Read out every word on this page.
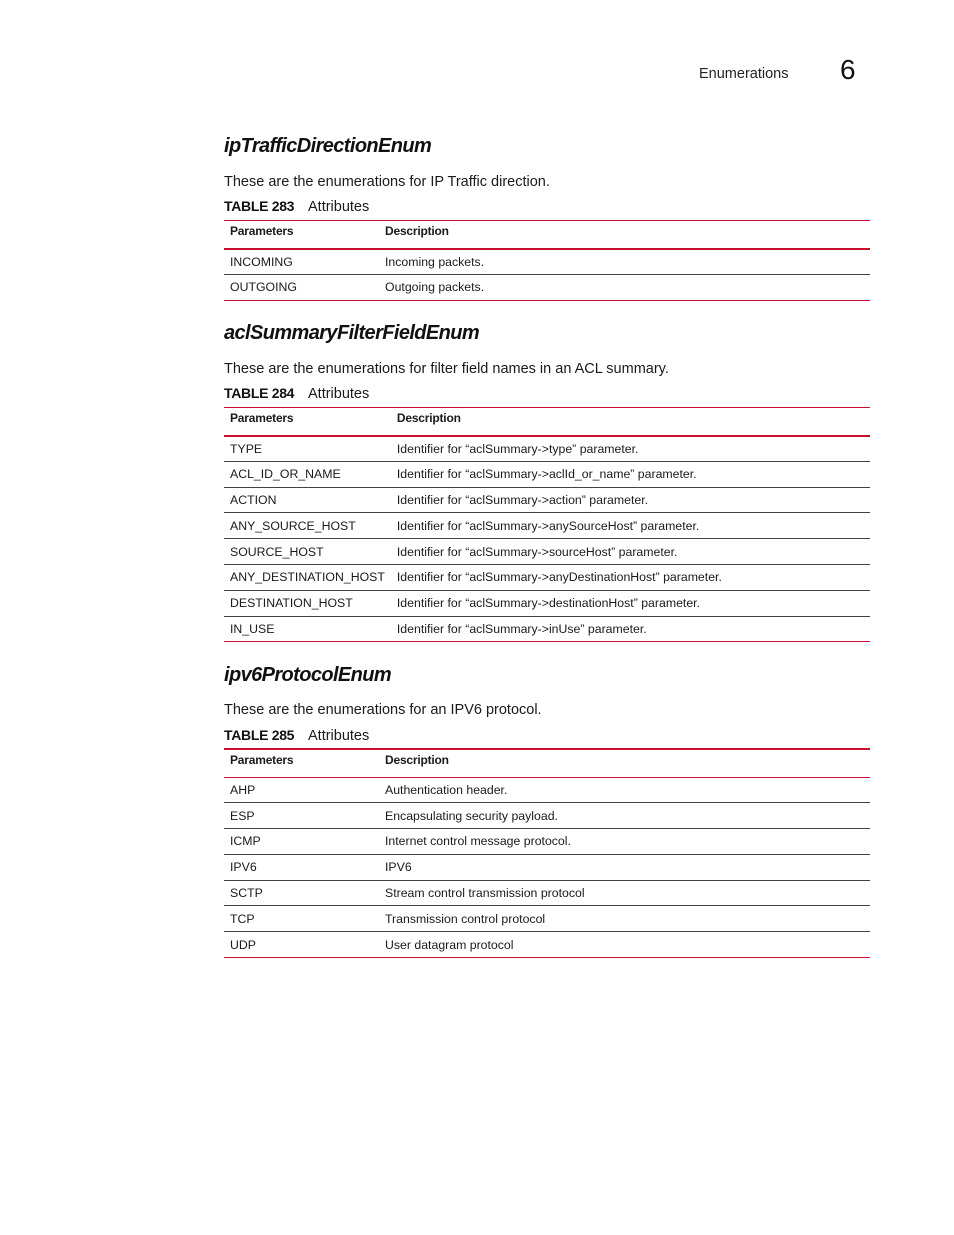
Enumerations 6
ipTrafficDirectionEnum

These are the enumerations for IP Traffic direction.

TABLE 283 Attributes
Parameters	Description
INCOMING	Incoming packets.
OUTGOING	Outgoing packets.
aclSummaryFilterFieldEnum

These are the enumerations for filter field names in an ACL summary.

TABLE 284 Attributes
Parameters	Description
TYPE	Identifier for “aclSummary->type” parameter.
ACL_ID_OR_NAME	Identifier for “aclSummary->aclId_or_name” parameter.
ACTION	Identifier for “aclSummary->action” parameter.
ANY_SOURCE_HOST	Identifier for “aclSummary->anySourceHost” parameter.
SOURCE_HOST	Identifier for “aclSummary->sourceHost” parameter.
ANY_DESTINATION_HOST	Identifier for “aclSummary->anyDestinationHost” parameter.
DESTINATION_HOST	Identifier for “aclSummary->destinationHost” parameter.
IN_USE	Identifier for “aclSummary->inUse” parameter.
ipv6ProtocolEnum

These are the enumerations for an IPV6 protocol.

TABLE 285 Attributes
Parameters	Description
AHP	Authentication header.
ESP	Encapsulating security payload.
ICMP	Internet control message protocol.
IPV6	IPV6
SCTP	Stream control transmission protocol
TCP	Transmission control protocol
UDP	User datagram protocol
